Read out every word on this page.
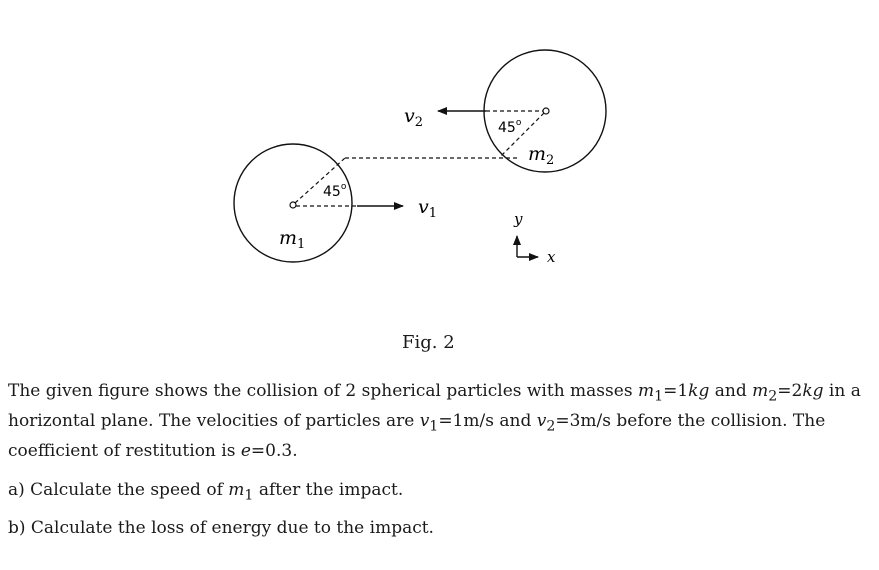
$v_2$
$v_1$
$m_1$
$m_2$
45$^o$
45$^o$
y
x
Fig. 2
The given figure shows the collision of 2 spherical particles with masses $m_1=1kg$ and $m_2=2kg$ in a horizontal plane. The velocities of particles are $v_1=1m/s$ and $v_2=3m/s$ before the collision. The coefficient of restitution is e=0.3.
a) Calculate the speed of $m_1$ after the impact.
b) Calculate the loss of energy due to the impact.
